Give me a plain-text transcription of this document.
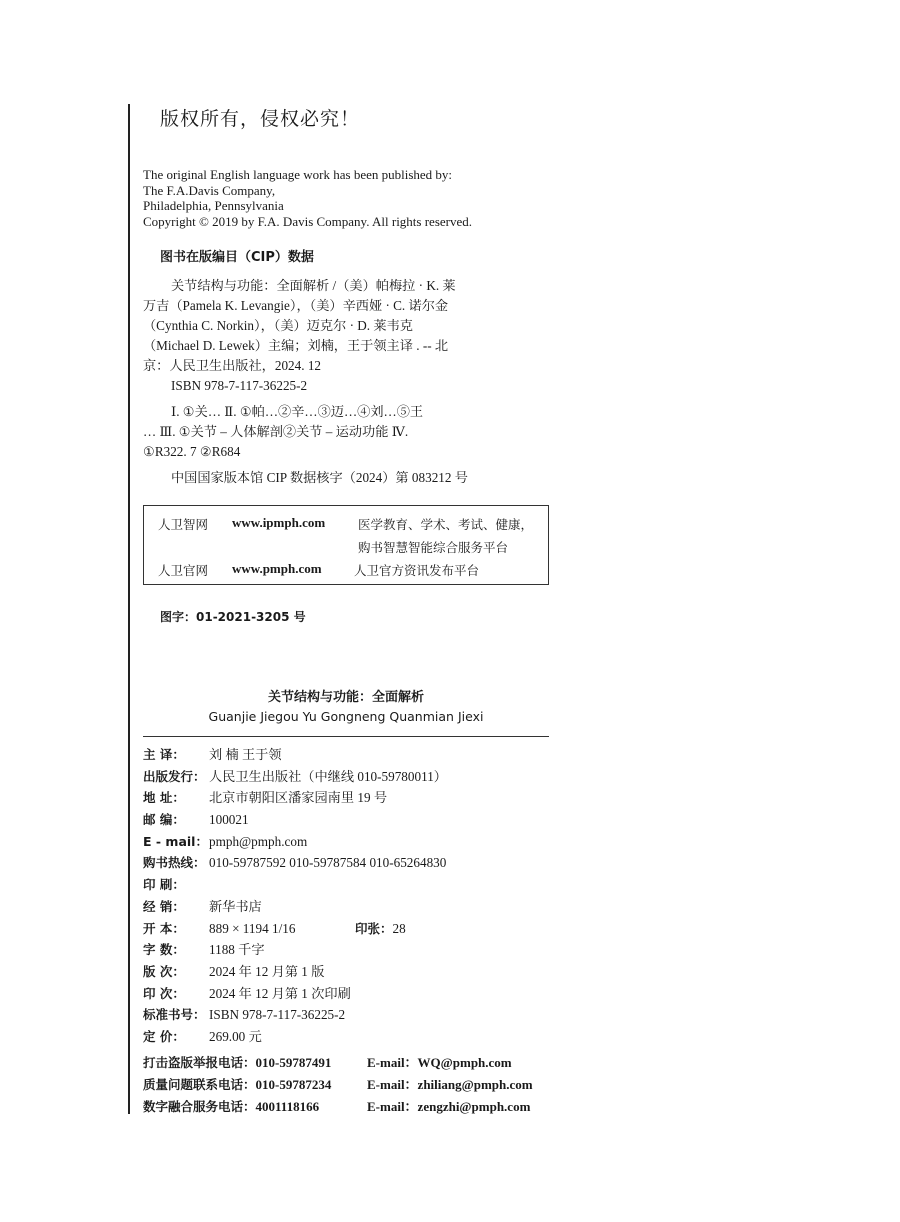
版权所有，侵权必究！
The original English language work has been published by:
The F.A.Davis Company,
Philadelphia, Pennsylvania
Copyright © 2019 by F.A. Davis Company. All rights reserved.
图书在版编目（CIP）数据
关节结构与功能：全面解析 /（美）帕梅拉 · K. 莱
万吉（Pamela K. Levangie），（美）辛西娅 · C. 诺尔金
（Cynthia C. Norkin），（美）迈克尔 · D. 莱韦克
（Michael D. Lewek）主编；刘楠，王于领主译 . -- 北
京：人民卫生出版社，2024. 12
ISBN 978-7-117-36225-2
Ⅰ. ①关… Ⅱ. ①帕…②辛…③迈…④刘…⑤王
… Ⅲ. ①关节 – 人体解剖②关节 – 运动功能 Ⅳ.
①R322. 7 ②R684
中国国家版本馆 CIP 数据核字（2024）第 083212 号
人卫智网 www.ipmph.com	医学教育、学术、考试、健康，
购书智慧智能综合服务平台
人卫官网 www.pmph.com	人卫官方资讯发布平台
图字：01-2021-3205 号
关节结构与功能：全面解析
Guanjie Jiegou Yu Gongneng Quanmian Jiexi
主 译： 刘 楠 王于领
出版发行： 人民卫生出版社（中继线 010-59780011）
地 址： 北京市朝阳区潘家园南里 19 号
邮 编： 100021
E - mail：pmph@pmph.com
购书热线： 010-59787592 010-59787584 010-65264830
印 刷：
经 销： 新华书店
开 本： 889 × 1194 1/16	印张：28
字 数： 1188 千字
版 次： 2024 年 12 月第 1 版
印 次： 2024 年 12 月第 1 次印刷
标准书号： ISBN 978-7-117-36225-2
定 价： 269.00 元
打击盗版举报电话：010-59787491	E-mail：WQ@pmph.com
质量问题联系电话：010-59787234	E-mail：zhiliang@pmph.com
数字融合服务电话：4001118166	E-mail：zengzhi@pmph.com
